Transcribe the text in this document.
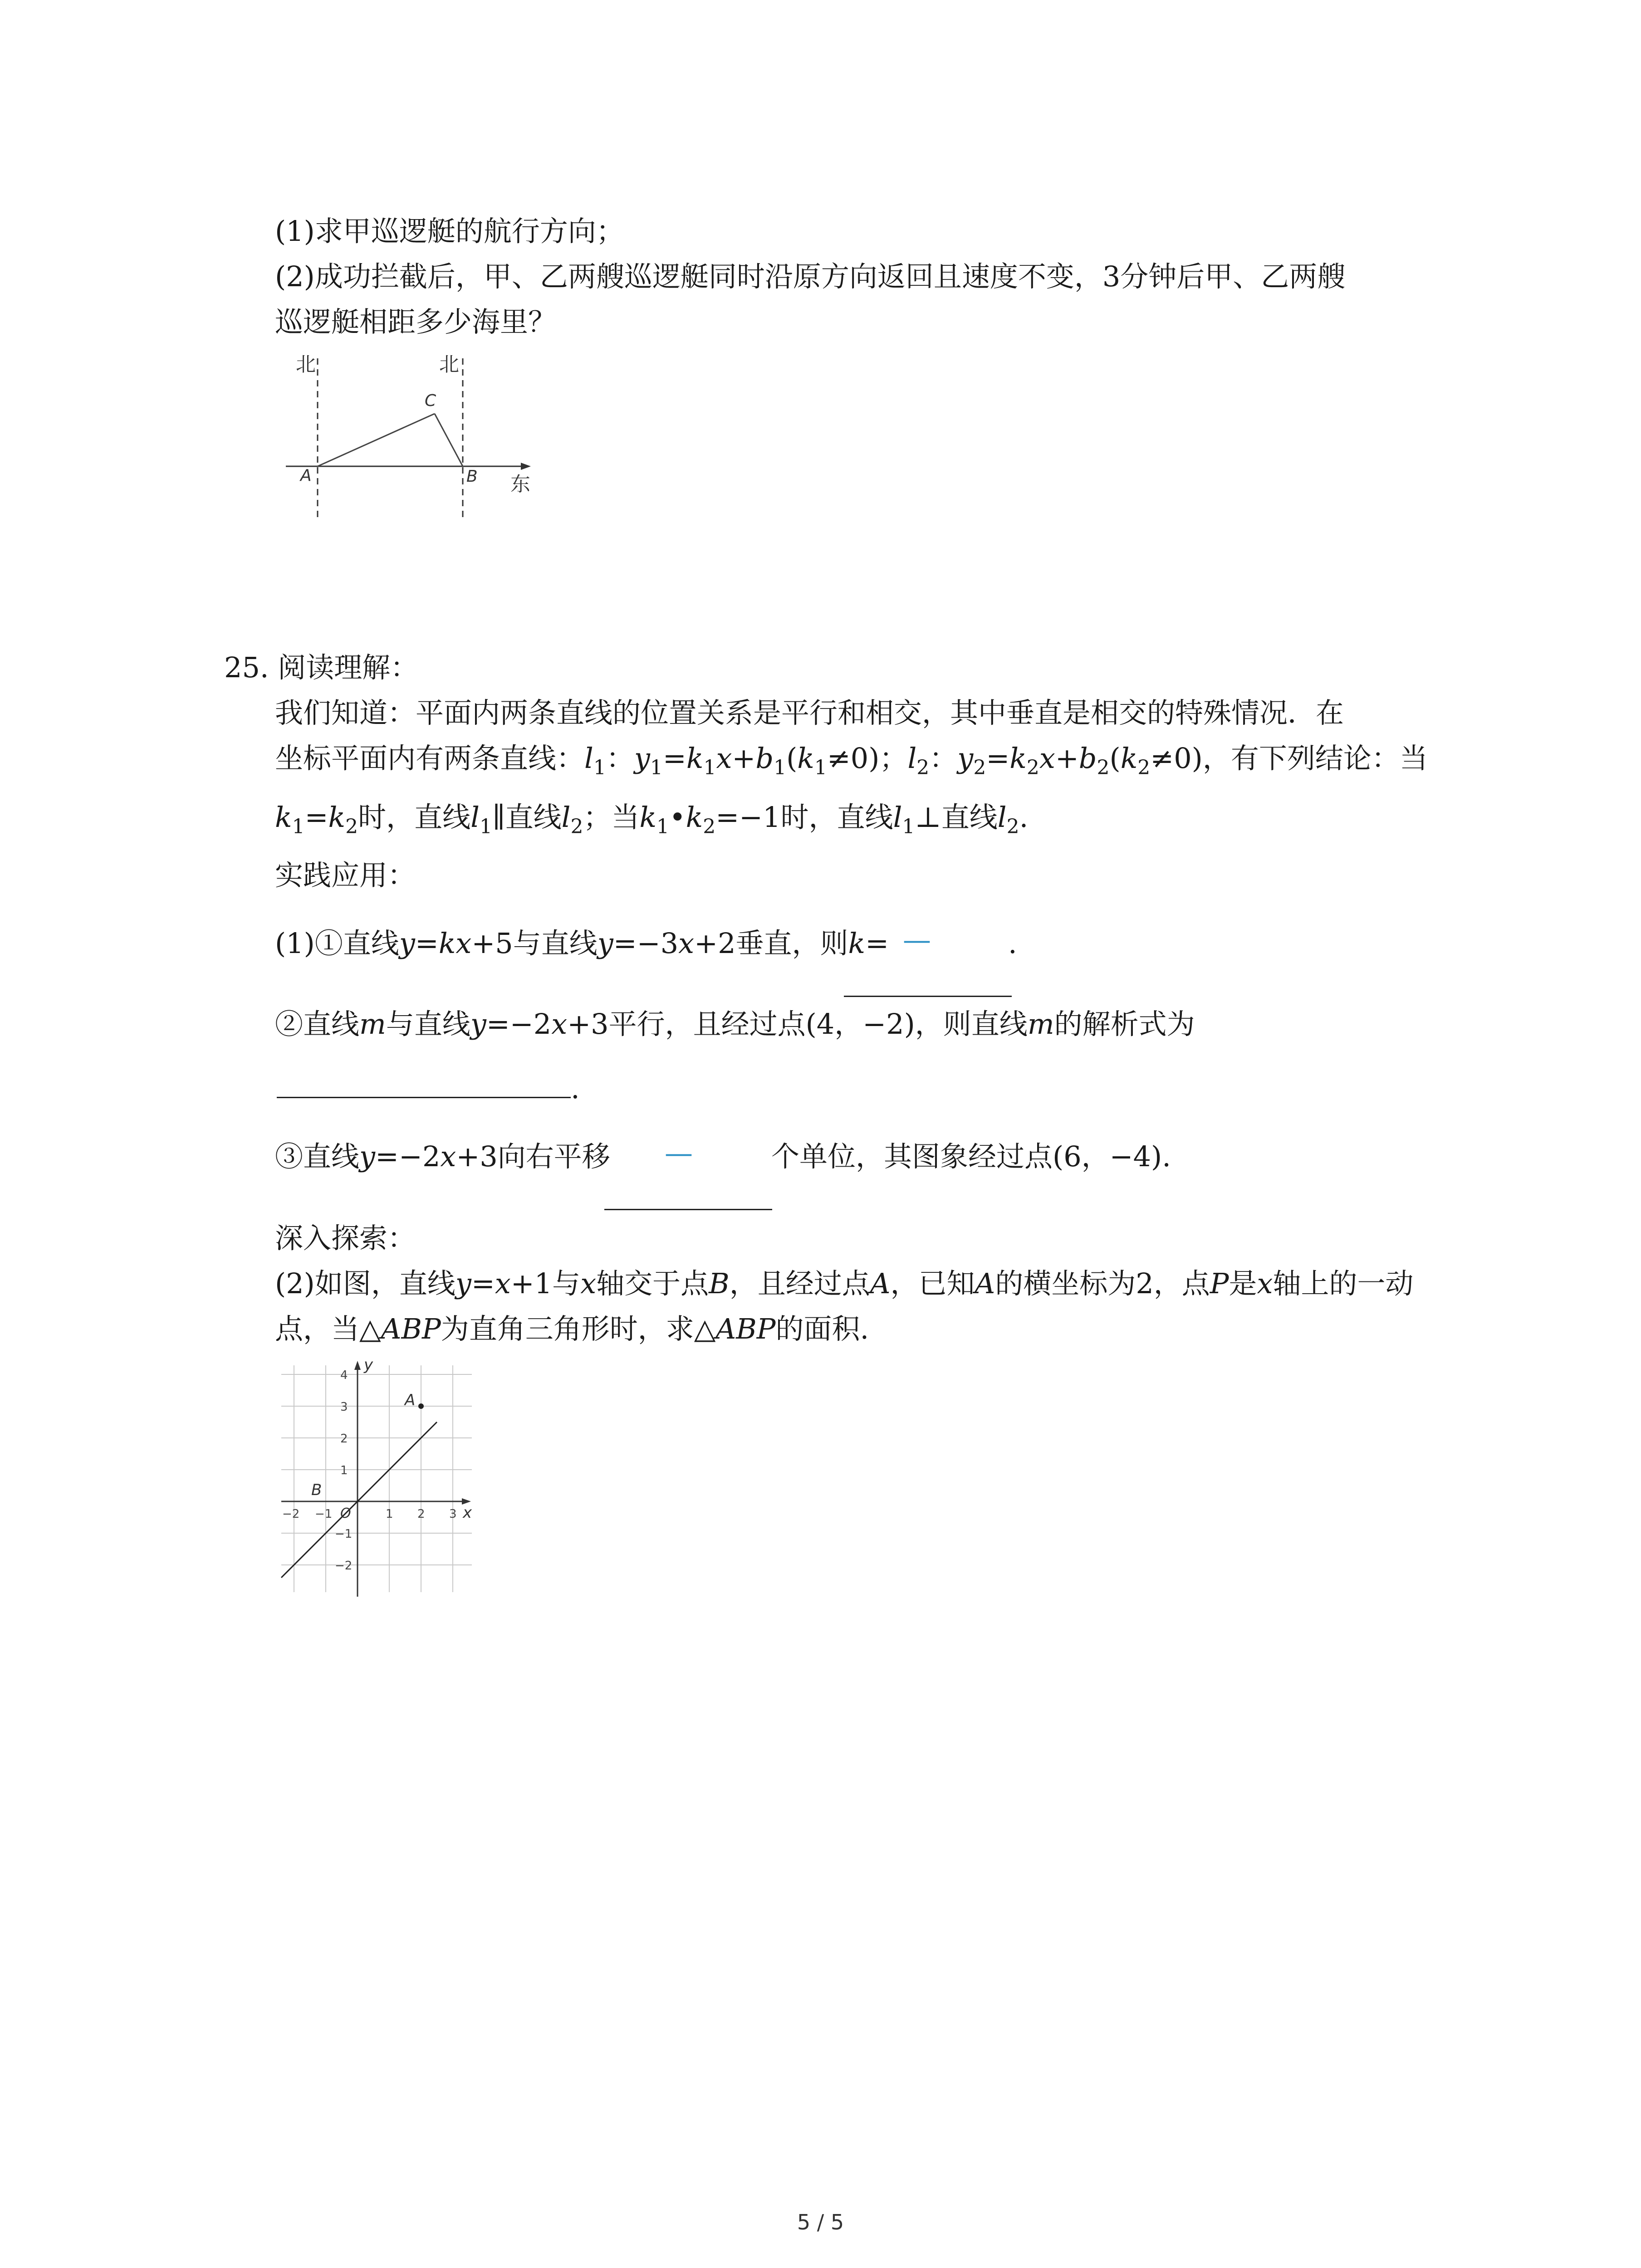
(1)求甲巡逻艇的航行方向；
(2)成功拦截后，甲、乙两艘巡逻艇同时沿原方向返回且速度不变，3分钟后甲、乙两艘
巡逻艇相距多少海里？
北	北
东
A	B
C
25. 阅读理解：
我们知道：平面内两条直线的位置关系是平行和相交，其中垂直是相交的特殊情况．在
坐标平面内有两条直线：$l_1$：$y_1=k_1x+b_1(k_1\ne 0)$；$l_2$：$y_2=k_2x+b_2(k_2\ne 0)$，有下列结论：当
$k_1=k_2$时，直线$l_1\parallel$直线$l_2$；当$k_1•k_2=-1$时，直线$l_1\perp$直线$l_2$.
实践应用：
(1)①直线y=kx+5与直线y=−3x+2垂直，则k= —	.
②直线m与直线y=−2x+3平行，且经过点(4，−2)，则直线m的解析式为
.
③直线y=−2x+3向右平移 —	个单位，其图象经过点(6，−4).
深入探索：
(2)如图，直线y=x+1与x轴交于点B，且经过点A，已知A的横坐标为2，点P是x轴上的一动
点，当△ABP为直角三角形时，求△ABP的面积.
y
x
O
A
B
−2 −1	1 2 3
4
3
2
1
−1
−2
5 / 5
